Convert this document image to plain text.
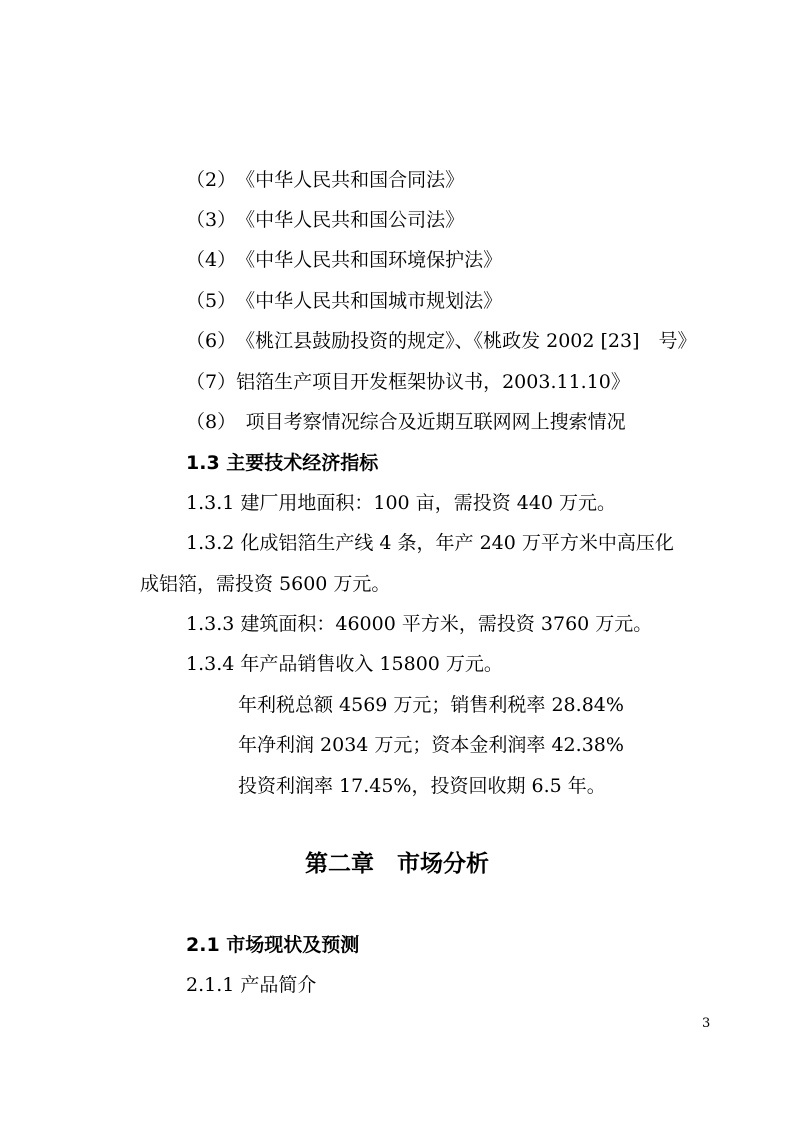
（2）　《中华人民共和国合同法》
（3）　《中华人民共和国公司法》
（4）　《中华人民共和国环境保护法》
（5）　《中华人民共和国城市规划法》
（6）　《桃江县鼓励投资的规定》、《桃政发 2002 [23]　号》
（7）铝箔生产项目开发框架协议书，2003.11.10》
（8）　项目考察情况综合及近期互联网网上搜索情况
1.3 主要技术经济指标
1.3.1 建厂用地面积：100 亩，需投资 440 万元。
1.3.2 化成铝箔生产线 4 条，年产 240 万平方米中高压化
成铝箔，需投资 5600 万元。
1.3.3 建筑面积：46000 平方米，需投资 3760 万元。
1.3.4 年产品销售收入 15800 万元。
年利税总额 4569 万元；销售利税率 28.84%
年净利润 2034 万元；资本金利润率 42.38%
投资利润率 17.45%，投资回收期 6.5 年。
第二章　市场分析
2.1 市场现状及预测
2.1.1 产品简介
3
